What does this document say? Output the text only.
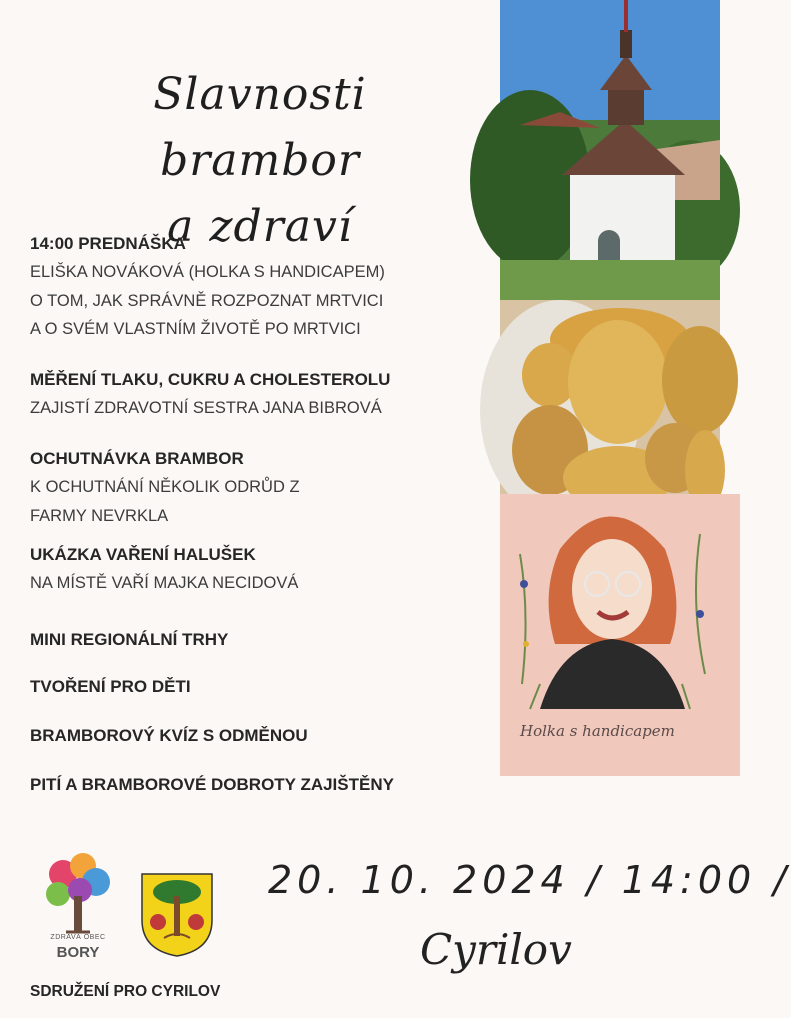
Slavnosti brambor
a zdraví
14:00 PREDNÁŠKA
ELIŠKA NOVÁKOVÁ (HOLKA S HANDICAPEM)
O TOM, JAK SPRÁVNĚ ROZPOZNAT MRTVICI
A O SVÉM VLASTNÍM ŽIVOTĚ PO MRTVICI
MĚŘENÍ TLAKU, CUKRU A CHOLESTEROLU
ZAJISTÍ ZDRAVOTNÍ SESTRA JANA BIBROVÁ
OCHUTNÁVKA BRAMBOR
K OCHUTNÁNÍ NĚKOLIK ODRŮD Z
FARMY NEVRKLA
UKÁZKA VAŘENÍ HALUŠEK
NA MÍSTĚ VAŘÍ MAJKA NECIDOVÁ
MINI REGIONÁLNÍ TRHY
TVOŘENÍ PRO DĚTI
BRAMBOROVÝ KVÍZ S ODMĚNOU
PITÍ A BRAMBOROVÉ DOBROTY ZAJIŠTĚNY
Holka s handicapem
ZDRAVÁ OBEC
BORY
20. 10. 2024 / 14:00 /
Cyrilov
SDRUŽENÍ PRO CYRILOV
